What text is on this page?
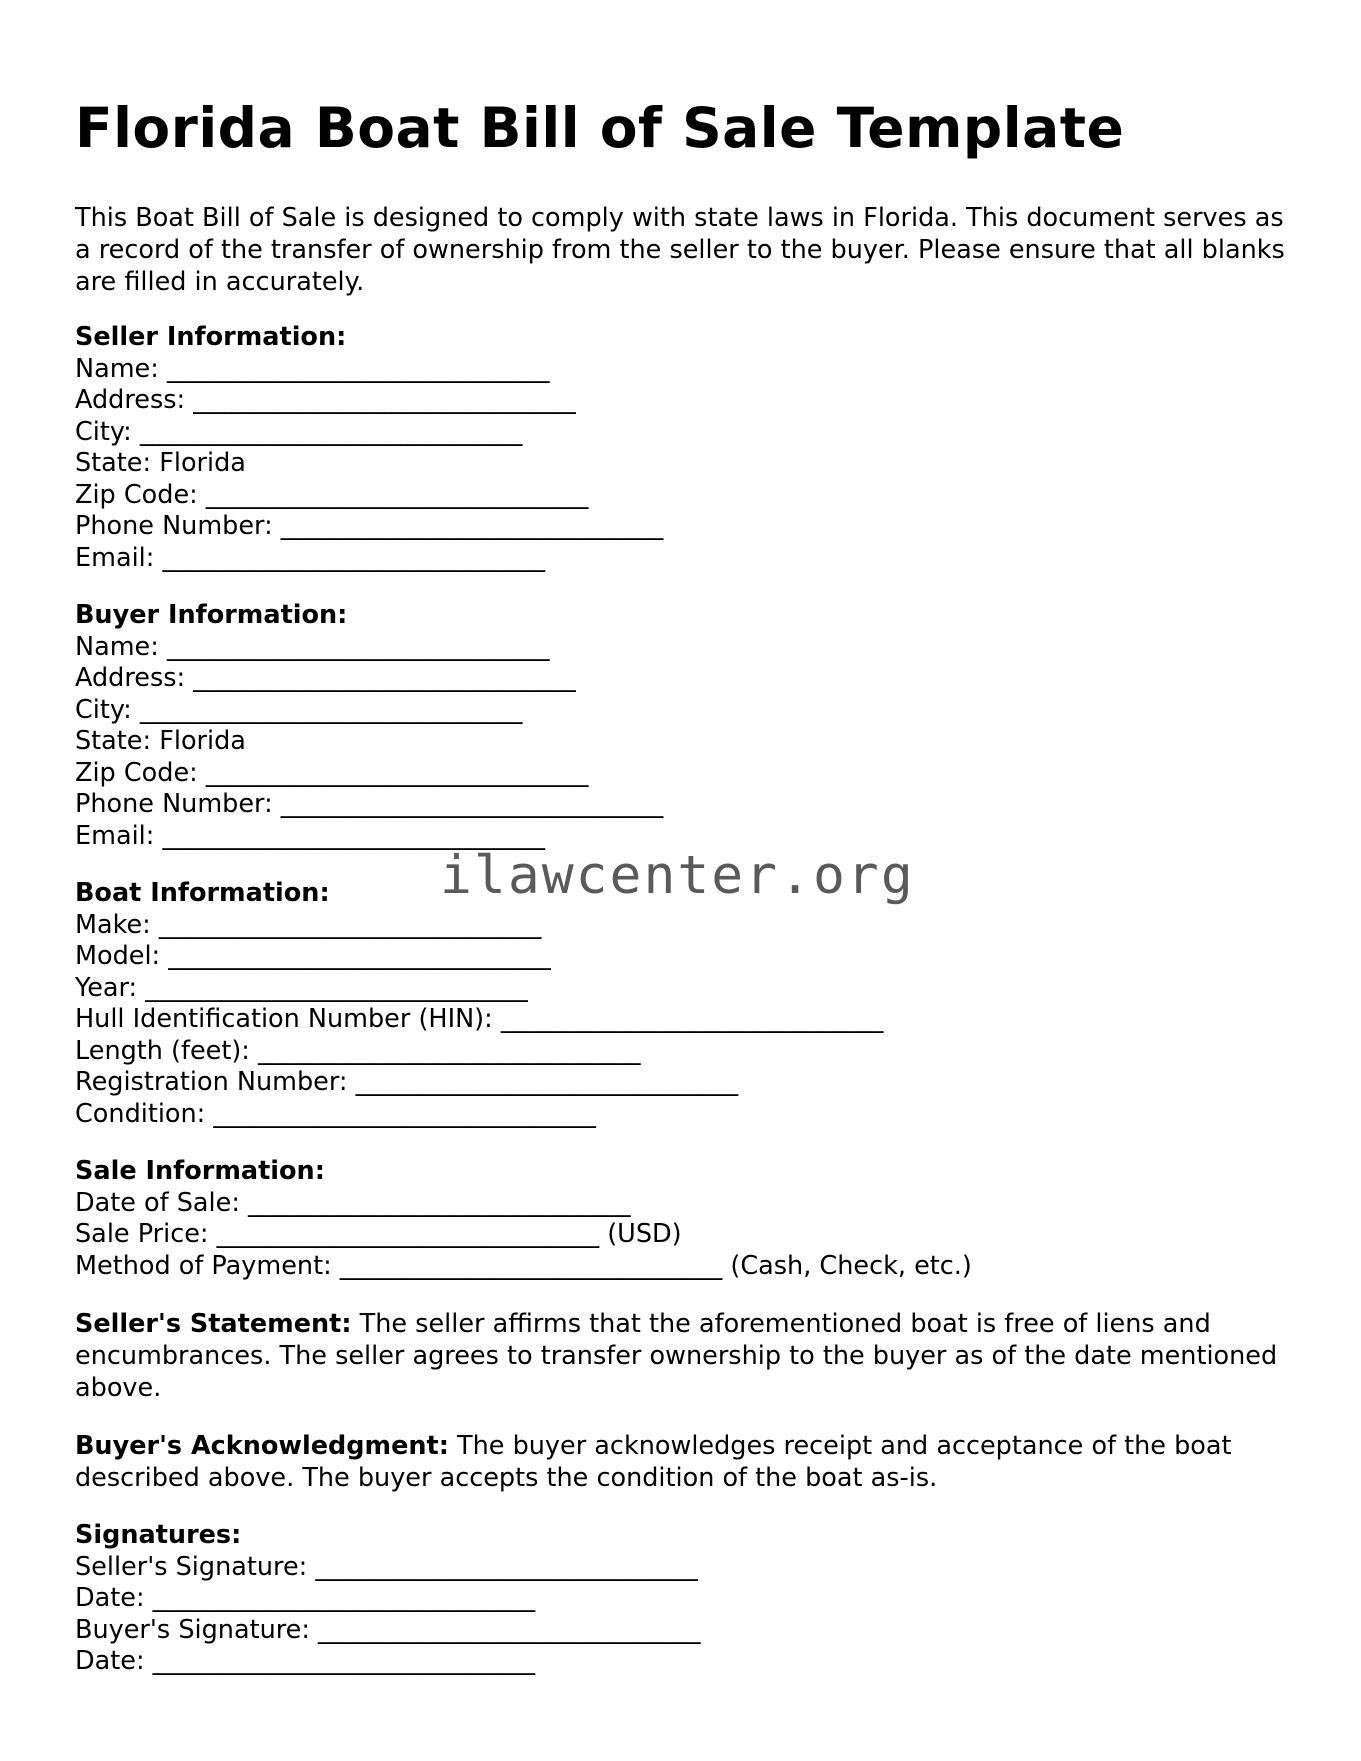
Florida Boat Bill of Sale Template

This Boat Bill of Sale is designed to comply with state laws in Florida. This document serves as a record of the transfer of ownership from the seller to the buyer. Please ensure that all blanks are filled in accurately.

Seller Information:
Name: ______________________________
Address: ______________________________
City: ______________________________
State: Florida
Zip Code: ______________________________
Phone Number: ______________________________
Email: ______________________________
Buyer Information:
Name: ______________________________
Address: ______________________________
City: ______________________________
State: Florida
Zip Code: ______________________________
Phone Number: ______________________________
Email: ______________________________
Boat Information:
Make: ______________________________
Model: ______________________________
Year: ______________________________
Hull Identification Number (HIN): ______________________________
Length (feet): ______________________________
Registration Number: ______________________________
Condition: ______________________________
Sale Information:
Date of Sale: ______________________________
Sale Price: ______________________________ (USD)
Method of Payment: ______________________________ (Cash, Check, etc.)

Seller's Statement: The seller affirms that the aforementioned boat is free of liens and encumbrances. The seller agrees to transfer ownership to the buyer as of the date mentioned above.

Buyer's Acknowledgment: The buyer acknowledges receipt and acceptance of the boat described above. The buyer accepts the condition of the boat as-is.

Signatures:
Seller's Signature: ______________________________
Date: ______________________________
Buyer's Signature: ______________________________
Date: ______________________________
ilawcenter.org
